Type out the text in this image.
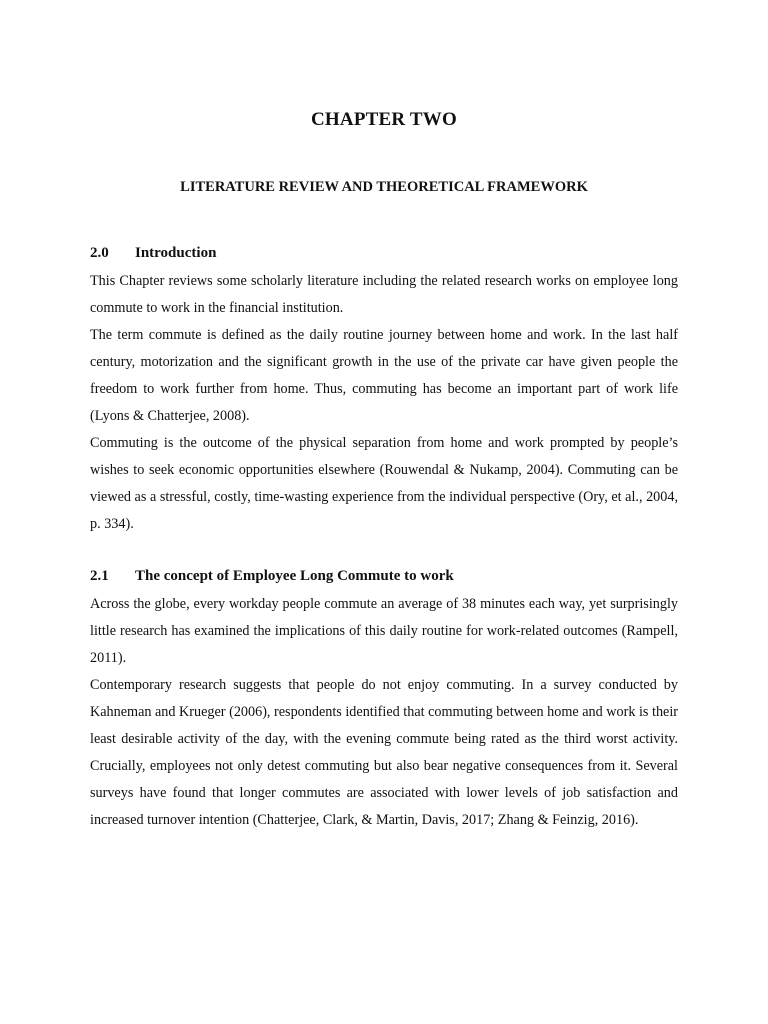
CHAPTER TWO
LITERATURE REVIEW AND THEORETICAL FRAMEWORK
2.0 Introduction

This Chapter reviews some scholarly literature including the related research works on employee long commute to work in the financial institution.

The term commute is defined as the daily routine journey between home and work. In the last half century, motorization and the significant growth in the use of the private car have given people the freedom to work further from home. Thus, commuting has become an important part of work life (Lyons & Chatterjee, 2008).

Commuting is the outcome of the physical separation from home and work prompted by people’s wishes to seek economic opportunities elsewhere (Rouwendal & Nukamp, 2004). Commuting can be viewed as a stressful, costly, time-wasting experience from the individual perspective (Ory, et al., 2004, p. 334).

2.1 The concept of Employee Long Commute to work

Across the globe, every workday people commute an average of 38 minutes each way, yet surprisingly little research has examined the implications of this daily routine for work-related outcomes (Rampell, 2011).

Contemporary research suggests that people do not enjoy commuting. In a survey conducted by Kahneman and Krueger (2006), respondents identified that commuting between home and work is their least desirable activity of the day, with the evening commute being rated as the third worst activity. Crucially, employees not only detest commuting but also bear negative consequences from it. Several surveys have found that longer commutes are associated with lower levels of job satisfaction and increased turnover intention (Chatterjee, Clark, & Martin, Davis, 2017; Zhang & Feinzig, 2016).
